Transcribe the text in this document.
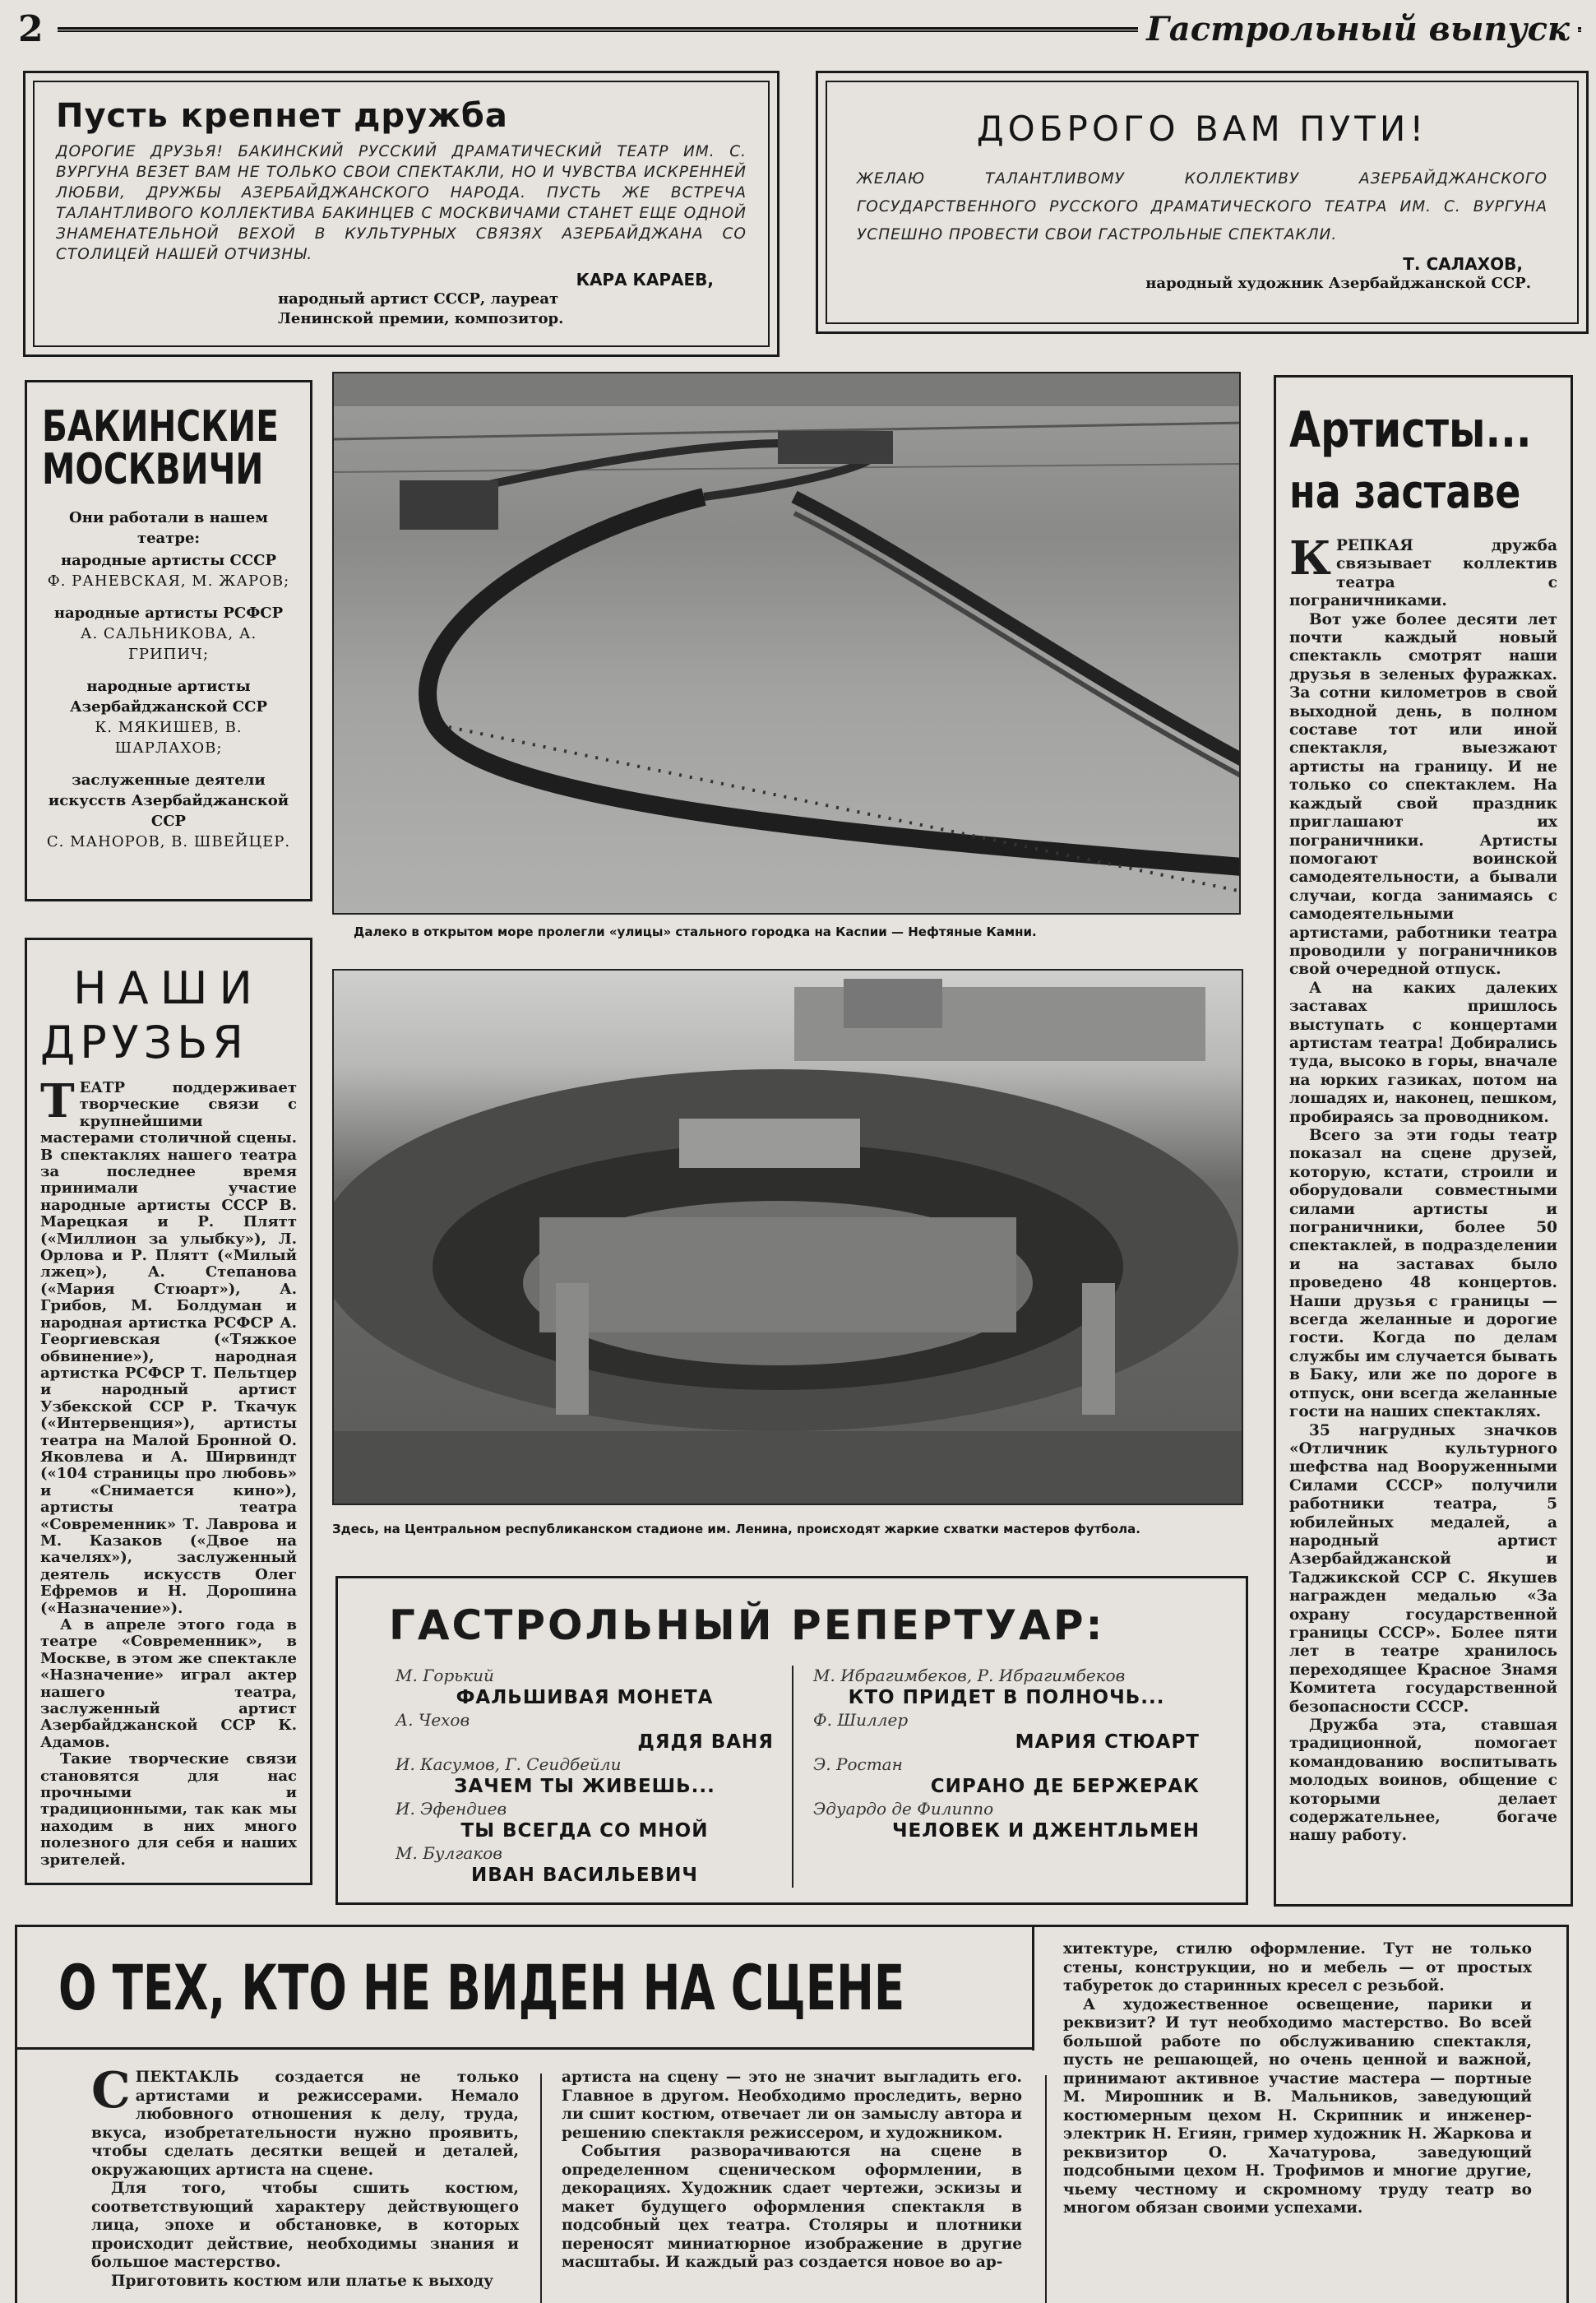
2	Гастрольный выпуск
Пусть крепнет дружба
ДОРОГИЕ ДРУЗЬЯ! БАКИНСКИЙ РУССКИЙ ДРАМАТИЧЕСКИЙ ТЕАТР ИМ. С. ВУРГУНА ВЕЗЕТ ВАМ НЕ ТОЛЬКО СВОИ СПЕКТАКЛИ, НО И ЧУВСТВА ИСКРЕННЕЙ ЛЮБВИ, ДРУЖБЫ АЗЕРБАЙДЖАНСКОГО НАРОДА. ПУСТЬ ЖЕ ВСТРЕЧА ТАЛАНТЛИВОГО КОЛЛЕКТИВА БАКИНЦЕВ С МОСКВИЧАМИ СТАНЕТ ЕЩЕ ОДНОЙ ЗНАМЕНАТЕЛЬНОЙ ВЕХОЙ В КУЛЬТУРНЫХ СВЯЗЯХ АЗЕРБАЙДЖАНА СО СТОЛИЦЕЙ НАШЕЙ ОТЧИЗНЫ.
КАРА КАРАЕВ,
народный артист СССР, лауреат Ленинской премии, композитор.
ДОБРОГО ВАМ ПУТИ!
ЖЕЛАЮ ТАЛАНТЛИВОМУ КОЛЛЕКТИВУ АЗЕРБАЙДЖАНСКОГО ГОСУДАРСТВЕННОГО РУССКОГО ДРАМАТИЧЕСКОГО ТЕАТРА ИМ. С. ВУРГУНА УСПЕШНО ПРОВЕСТИ СВОИ ГАСТРОЛЬНЫЕ СПЕКТАКЛИ.
Т. САЛАХОВ,
народный художник Азербайджанской ССР.
БАКИНСКИЕ
МОСКВИЧИ
Они работали в нашем театре:
народные артисты СССР
Ф. РАНЕВСКАЯ, М. ЖАРОВ;
народные артисты РСФСР
А. САЛЬНИКОВА, А. ГРИПИЧ;
народные артисты Азербайджанской ССР
К. МЯКИШЕВ, В. ШАРЛАХОВ;
заслуженные деятели искусств Азербайджанской ССР
С. МАНОРОВ, В. ШВЕЙЦЕР.
НАШИ
ДРУЗЬЯ
Т ЕАТР поддерживает творческие связи с крупнейшими мастерами столичной сцены. В спектаклях нашего театра за последнее время принимали участие народные артисты СССР В. Марецкая и Р. Плятт («Миллион за улыбку»), Л. Орлова и Р. Плятт («Милый лжец»), А. Степанова («Мария Стюарт»), А. Грибов, М. Болдуман и народная артистка РСФСР А. Георгиевская («Тяжкое обвинение»), народная артистка РСФСР Т. Пельтцер и народный артист Узбекской ССР Р. Ткачук («Интервенция»), артисты театра на Малой Бронной О. Яковлева и А. Ширвиндт («104 страницы про любовь» и «Снимается кино»), артисты театра «Современник» Т. Лаврова и М. Казаков («Двое на качелях»), заслуженный деятель искусств Олег Ефремов и Н. Дорошина («Назначение»).

А в апреле этого года в театре «Современник», в Москве, в этом же спектакле «Назначение» играл актер нашего театра, заслуженный артист Азербайджанской ССР К. Адамов.

Такие творческие связи становятся для нас прочными и традиционными, так как мы находим в них много полезного для себя и наших зрителей.

Далеко в открытом море пролегли «улицы» стального городка на Каспии — Нефтяные Камни.
Здесь, на Центральном республиканском стадионе им. Ленина, происходят жаркие схватки мастеров футбола.
Артисты...
на заставе
К РЕПКАЯ дружба связывает коллектив театра с пограничниками.

Вот уже более десяти лет почти каждый новый спектакль смотрят наши друзья в зеленых фуражках. За сотни километров в свой выходной день, в полном составе тот или иной спектакля, выезжают артисты на границу. И не только со спектаклем. На каждый свой праздник приглашают их пограничники. Артисты помогают воинской самодеятельности, а бывали случаи, когда занимаясь с самодеятельными артистами, работники театра проводили у пограничников свой очередной отпуск.

А на каких далеких заставах пришлось выступать с концертами артистам театра! Добирались туда, высоко в горы, вначале на юрких газиках, потом на лошадях и, наконец, пешком, пробираясь за проводником.

Всего за эти годы театр показал на сцене друзей, которую, кстати, строили и оборудовали совместными силами артисты и пограничники, более 50 спектаклей, в подразделении и на заставах было проведено 48 концертов. Наши друзья с границы — всегда желанные и дорогие гости. Когда по делам службы им случается бывать в Баку, или же по дороге в отпуск, они всегда желанные гости на наших спектаклях.

35 нагрудных значков «Отличник культурного шефства над Вооруженными Силами СССР» получили работники театра, 5 юбилейных медалей, а народный артист Азербайджанской и Таджикской ССР С. Якушев награжден медалью «За охрану государственной границы СССР». Более пяти лет в театре хранилось переходящее Красное Знамя Комитета государственной безопасности СССР.

Дружба эта, ставшая традиционной, помогает командованию воспитывать молодых воинов, общение с которыми делает содержательнее, богаче нашу работу.

ГАСТРОЛЬНЫЙ РЕПЕРТУАР:
М. Горький
ФАЛЬШИВАЯ МОНЕТА
А. Чехов
ДЯДЯ ВАНЯ
И. Касумов, Г. Сеидбейли
ЗАЧЕМ ТЫ ЖИВЕШЬ...
И. Эфендиев
ТЫ ВСЕГДА СО МНОЙ
М. Булгаков
ИВАН ВАСИЛЬЕВИЧ
М. Ибрагимбеков, Р. Ибрагимбеков
КТО ПРИДЕТ В ПОЛНОЧЬ...
Ф. Шиллер
МАРИЯ СТЮАРТ
Э. Ростан
СИРАНО ДЕ БЕРЖЕРАК
Эдуардо де Филиппо
ЧЕЛОВЕК И ДЖЕНТЛЬМЕН
О ТЕХ, КТО НЕ ВИДЕН НА СЦЕНЕ
С ПЕКТАКЛЬ создается не только артистами и режиссерами. Немало любовного отношения к делу, труда, вкуса, изобретательности нужно проявить, чтобы сделать десятки вещей и деталей, окружающих артиста на сцене.

Для того, чтобы сшить костюм, соответствующий характеру действующего лица, эпохе и обстановке, в которых происходит действие, необходимы знания и большое мастерство.

Приготовить костюм или платье к выходу

артиста на сцену — это не значит выгладить его. Главное в другом. Необходимо проследить, верно ли сшит костюм, отвечает ли он замыслу автора и решению спектакля режиссером, и художником.

События разворачиваются на сцене в определенном сценическом оформлении, в декорациях. Художник сдает чертежи, эскизы и макет будущего оформления спектакля в подсобный цех театра. Столяры и плотники переносят миниатюрное изображение в другие масштабы. И каждый раз создается новое во ар-

хитектуре, стилю оформление. Тут не только стены, конструкции, но и мебель — от простых табуреток до старинных кресел с резьбой.

А художественное освещение, парики и реквизит? И тут необходимо мастерство. Во всей большой работе по обслуживанию спектакля, пусть не решающей, но очень ценной и важной, принимают активное участие мастера — портные М. Мирошник и В. Мальников, заведующий костюмерным цехом Н. Скрипник и инженер-электрик Н. Егиян, гример художник Н. Жаркова и реквизитор О. Хачатурова, заведующий подсобными цехом Н. Трофимов и многие другие, чьему честному и скромному труду театр во многом обязан своими успехами.
